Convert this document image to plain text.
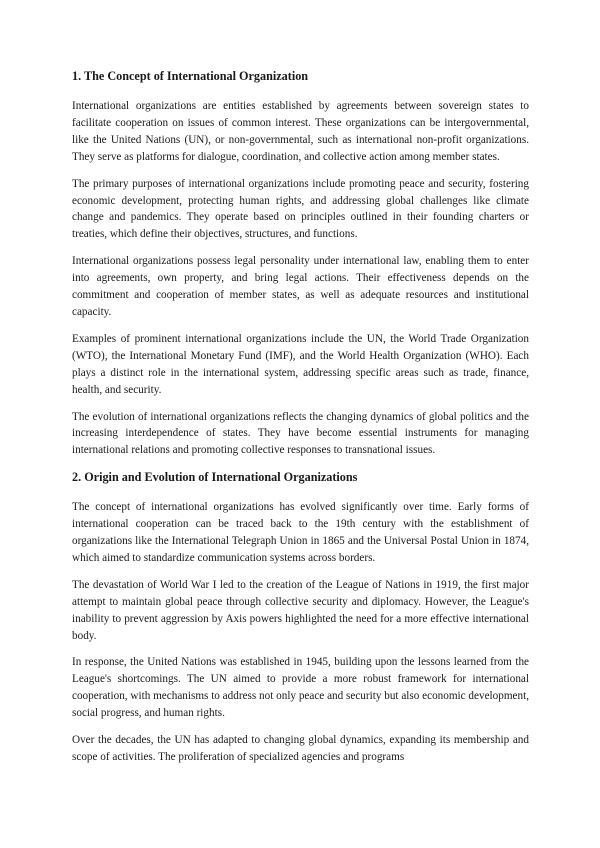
1. The Concept of International Organization

International organizations are entities established by agreements between sovereign states to facilitate cooperation on issues of common interest. These organizations can be intergovernmental, like the United Nations (UN), or non-governmental, such as international non-profit organizations. They serve as platforms for dialogue, coordination, and collective action among member states.

The primary purposes of international organizations include promoting peace and security, fostering economic development, protecting human rights, and addressing global challenges like climate change and pandemics. They operate based on principles outlined in their founding charters or treaties, which define their objectives, structures, and functions.

International organizations possess legal personality under international law, enabling them to enter into agreements, own property, and bring legal actions. Their effectiveness depends on the commitment and cooperation of member states, as well as adequate resources and institutional capacity.

Examples of prominent international organizations include the UN, the World Trade Organization (WTO), the International Monetary Fund (IMF), and the World Health Organization (WHO). Each plays a distinct role in the international system, addressing specific areas such as trade, finance, health, and security.

The evolution of international organizations reflects the changing dynamics of global politics and the increasing interdependence of states. They have become essential instruments for managing international relations and promoting collective responses to transnational issues.

2. Origin and Evolution of International Organizations

The concept of international organizations has evolved significantly over time. Early forms of international cooperation can be traced back to the 19th century with the establishment of organizations like the International Telegraph Union in 1865 and the Universal Postal Union in 1874, which aimed to standardize communication systems across borders.

The devastation of World War I led to the creation of the League of Nations in 1919, the first major attempt to maintain global peace through collective security and diplomacy. However, the League's inability to prevent aggression by Axis powers highlighted the need for a more effective international body.

In response, the United Nations was established in 1945, building upon the lessons learned from the League's shortcomings. The UN aimed to provide a more robust framework for international cooperation, with mechanisms to address not only peace and security but also economic development, social progress, and human rights.

Over the decades, the UN has adapted to changing global dynamics, expanding its membership and scope of activities. The proliferation of specialized agencies and programs
